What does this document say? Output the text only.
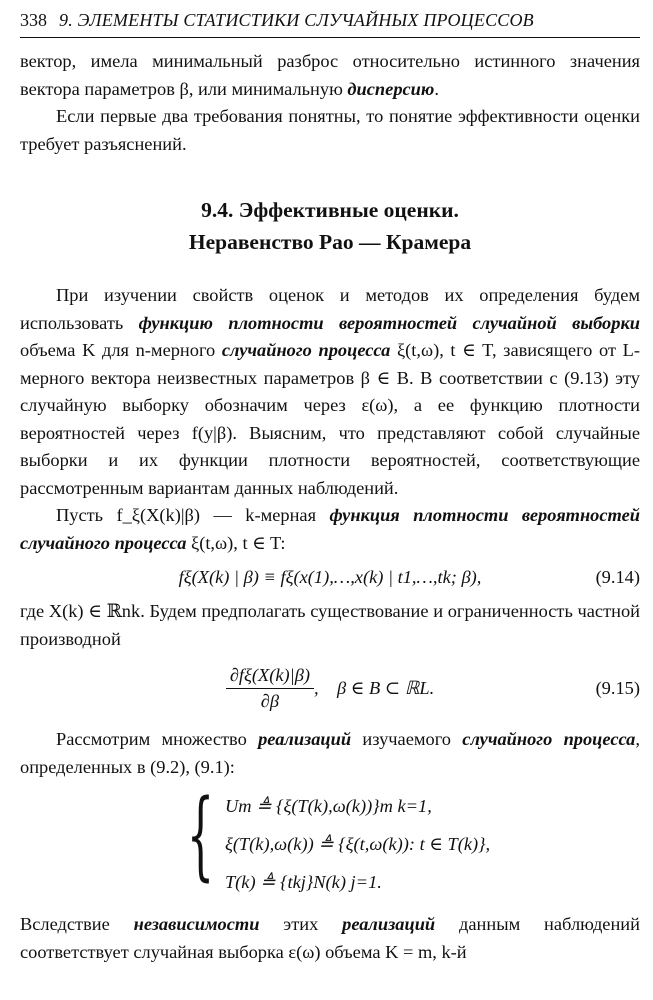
338 9. ЭЛЕМЕНТЫ СТАТИСТИКИ СЛУЧАЙНЫХ ПРОЦЕССОВ

вектор, имела минимальный разброс относительно истинного значения вектора параметров β, или минимальную дисперсию.

Если первые два требования понятны, то понятие эффективности оценки требует разъяснений.

9.4. Эффективные оценки.
Неравенство Рао — Крамера

При изучении свойств оценок и методов их определения будем использовать функцию плотности вероятностей случайной выборки объема K для n-мерного случайного процесса ξ(t,ω), t ∈ T, зависящего от L-мерного вектора неизвестных параметров β ∈ B. В соответствии с (9.13) эту случайную выборку обозначим через ε(ω), а ее функцию плотности вероятностей через f(y|β). Выясним, что представляют собой случайные выборки и их функции плотности вероятностей, соответствующие рассмотренным вариантам данных наблюдений.

Пусть f_ξ(X(k)|β) — k-мерная функция плотности вероятностей случайного процесса ξ(t,ω), t ∈ T:

fξ(X(k) | β) ≡ fξ(x(1),…,x(k) | t1,…,tk; β),	(9.14)

где X(k) ∈ ℝnk. Будем предполагать существование и ограниченность частной производной

$\frac{\partial f\xi(X(k)|\beta)}{\partial\beta}$ ,    β ∈ B ⊂ ℝL.	(9.15)

Рассмотрим множество реализаций изучаемого случайного процесса, определенных в (9.2), (9.1):

{ Um ≜ {ξ(T(k),ω(k))}m k=1,
ξ(T(k),ω(k)) ≜ {ξ(t,ω(k)): t ∈ T(k)},
T(k) ≜ {tkj}N(k) j=1.

Вследствие независимости этих реализаций данным наблюдений соответствует случайная выборка ε(ω) объема K = m, k-й
